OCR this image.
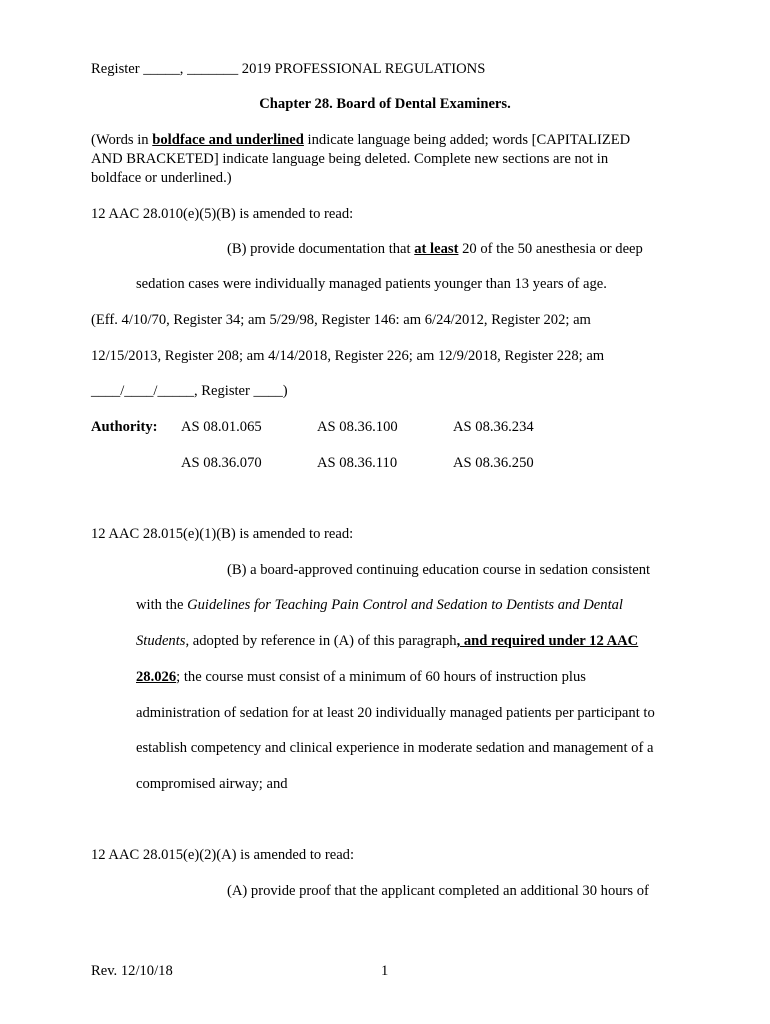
Register _____, _______ 2019 PROFESSIONAL REGULATIONS
Chapter 28. Board of Dental Examiners.
(Words in boldface and underlined indicate language being added; words [CAPITALIZED
AND BRACKETED] indicate language being deleted. Complete new sections are not in
boldface or underlined.)
12 AAC 28.010(e)(5)(B) is amended to read:
(B) provide documentation that at least 20 of the 50 anesthesia or deep
sedation cases were individually managed patients younger than 13 years of age.
(Eff. 4/10/70, Register 34; am 5/29/98, Register 146: am 6/24/2012, Register 202; am
12/15/2013, Register 208; am 4/14/2018, Register 226; am 12/9/2018, Register 228; am
____/____/_____, Register ____)
Authority: AS 08.01.065	AS 08.36.100	AS 08.36.234
AS 08.36.070	AS 08.36.110	AS 08.36.250
12 AAC 28.015(e)(1)(B) is amended to read:
(B) a board-approved continuing education course in sedation consistent
with the Guidelines for Teaching Pain Control and Sedation to Dentists and Dental
Students, adopted by reference in (A) of this paragraph, and required under 12 AAC
28.026; the course must consist of a minimum of 60 hours of instruction plus
administration of sedation for at least 20 individually managed patients per participant to
establish competency and clinical experience in moderate sedation and management of a
compromised airway; and
12 AAC 28.015(e)(2)(A) is amended to read:
(A) provide proof that the applicant completed an additional 30 hours of
Rev. 12/10/18	1
